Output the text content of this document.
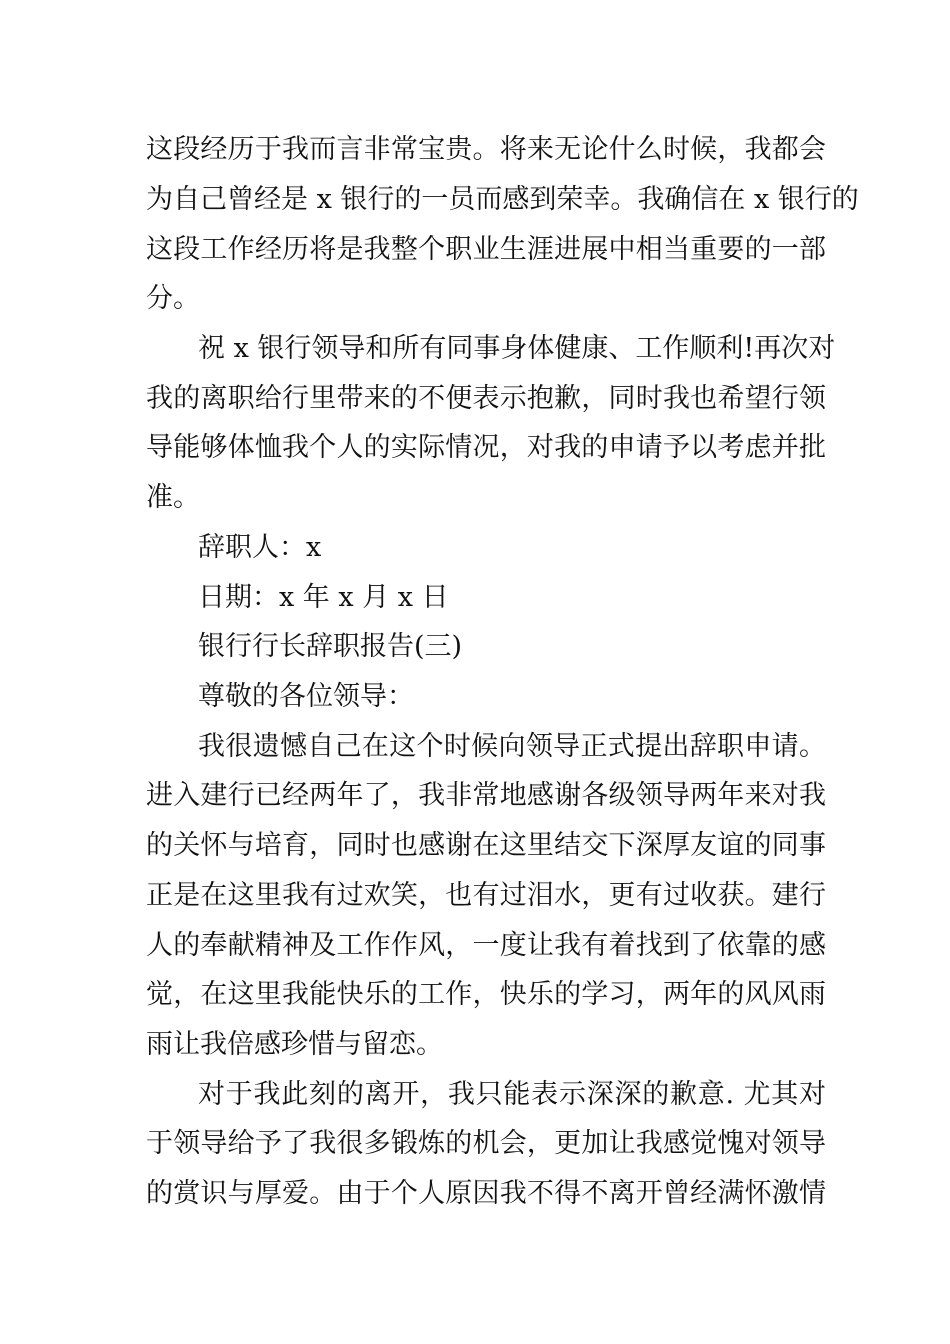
这段经历于我而言非常宝贵。将来无论什么时候，我都会
为自己曾经是 x 银行的一员而感到荣幸。我确信在 x 银行的
这段工作经历将是我整个职业生涯进展中相当重要的一部
分。
祝 x 银行领导和所有同事身体健康、工作顺利!再次对
我的离职给行里带来的不便表示抱歉，同时我也希望行领
导能够体恤我个人的实际情况，对我的申请予以考虑并批
准。
辞职人：x
日期：x 年 x 月 x 日
银行行长辞职报告(三)
尊敬的各位领导：
我很遗憾自己在这个时候向领导正式提出辞职申请。
进入建行已经两年了，我非常地感谢各级领导两年来对我
的关怀与培育，同时也感谢在这里结交下深厚友谊的同事
正是在这里我有过欢笑，也有过泪水，更有过收获。建行
人的奉献精神及工作作风，一度让我有着找到了依靠的感
觉，在这里我能快乐的工作，快乐的学习，两年的风风雨
雨让我倍感珍惜与留恋。
对于我此刻的离开，我只能表示深深的歉意. 尤其对
于领导给予了我很多锻炼的机会，更加让我感觉愧对领导
的赏识与厚爱。由于个人原因我不得不离开曾经满怀激情
